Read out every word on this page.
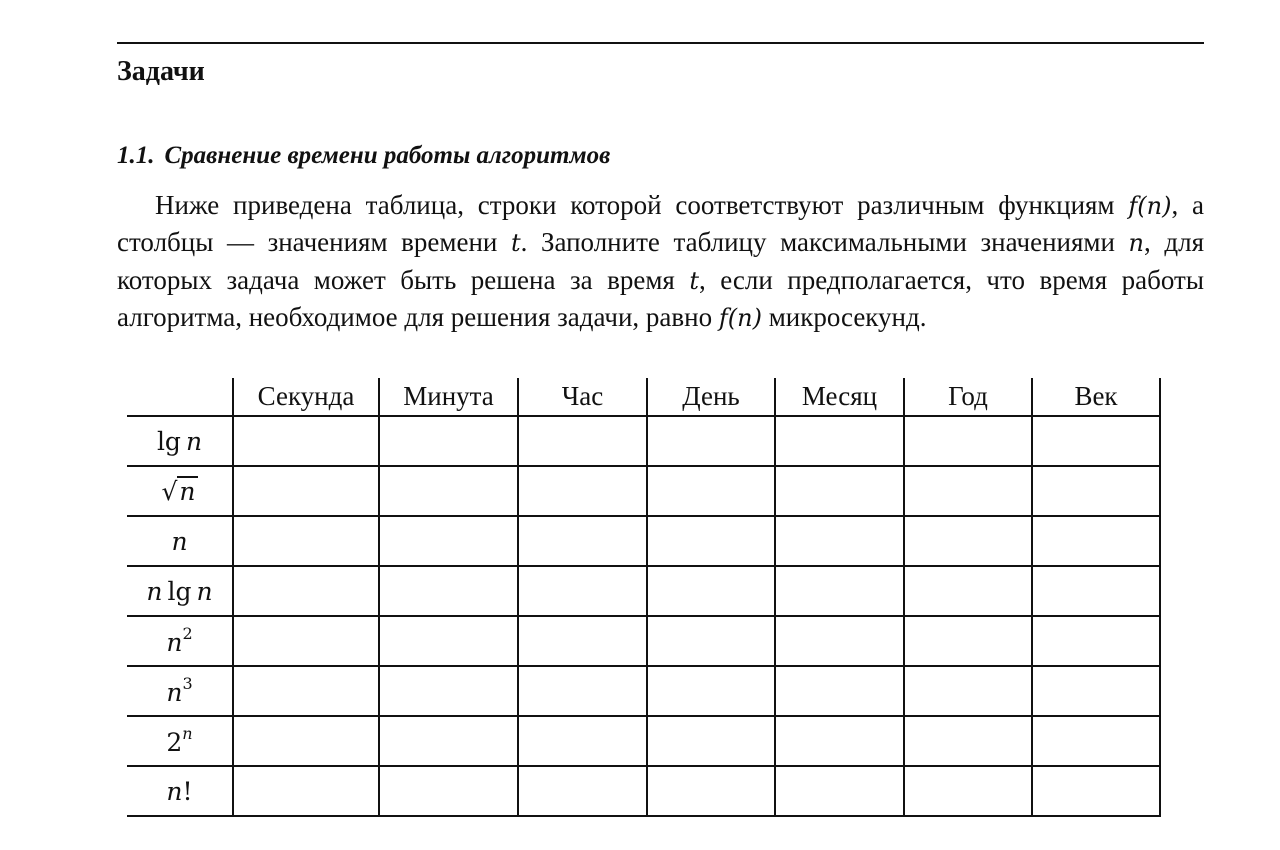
Задачи
1.1. Сравнение времени работы алгоритмов
Ниже приведена таблица, строки которой соответствуют различным функциям f(n), а столбцы — значениям времени t. Заполните таблицу максимальными значениями n, для которых задача может быть решена за время t, если предполагается, что время работы алгоритма, необходимое для решения задачи, равно f(n) микросекунд.
	Секунда	Минута	Час	День	Месяц	Год	Век
lg n							
√n							
n							
n lg n							
$n^2$							
$n^3$							
2$^n$							
n!							
